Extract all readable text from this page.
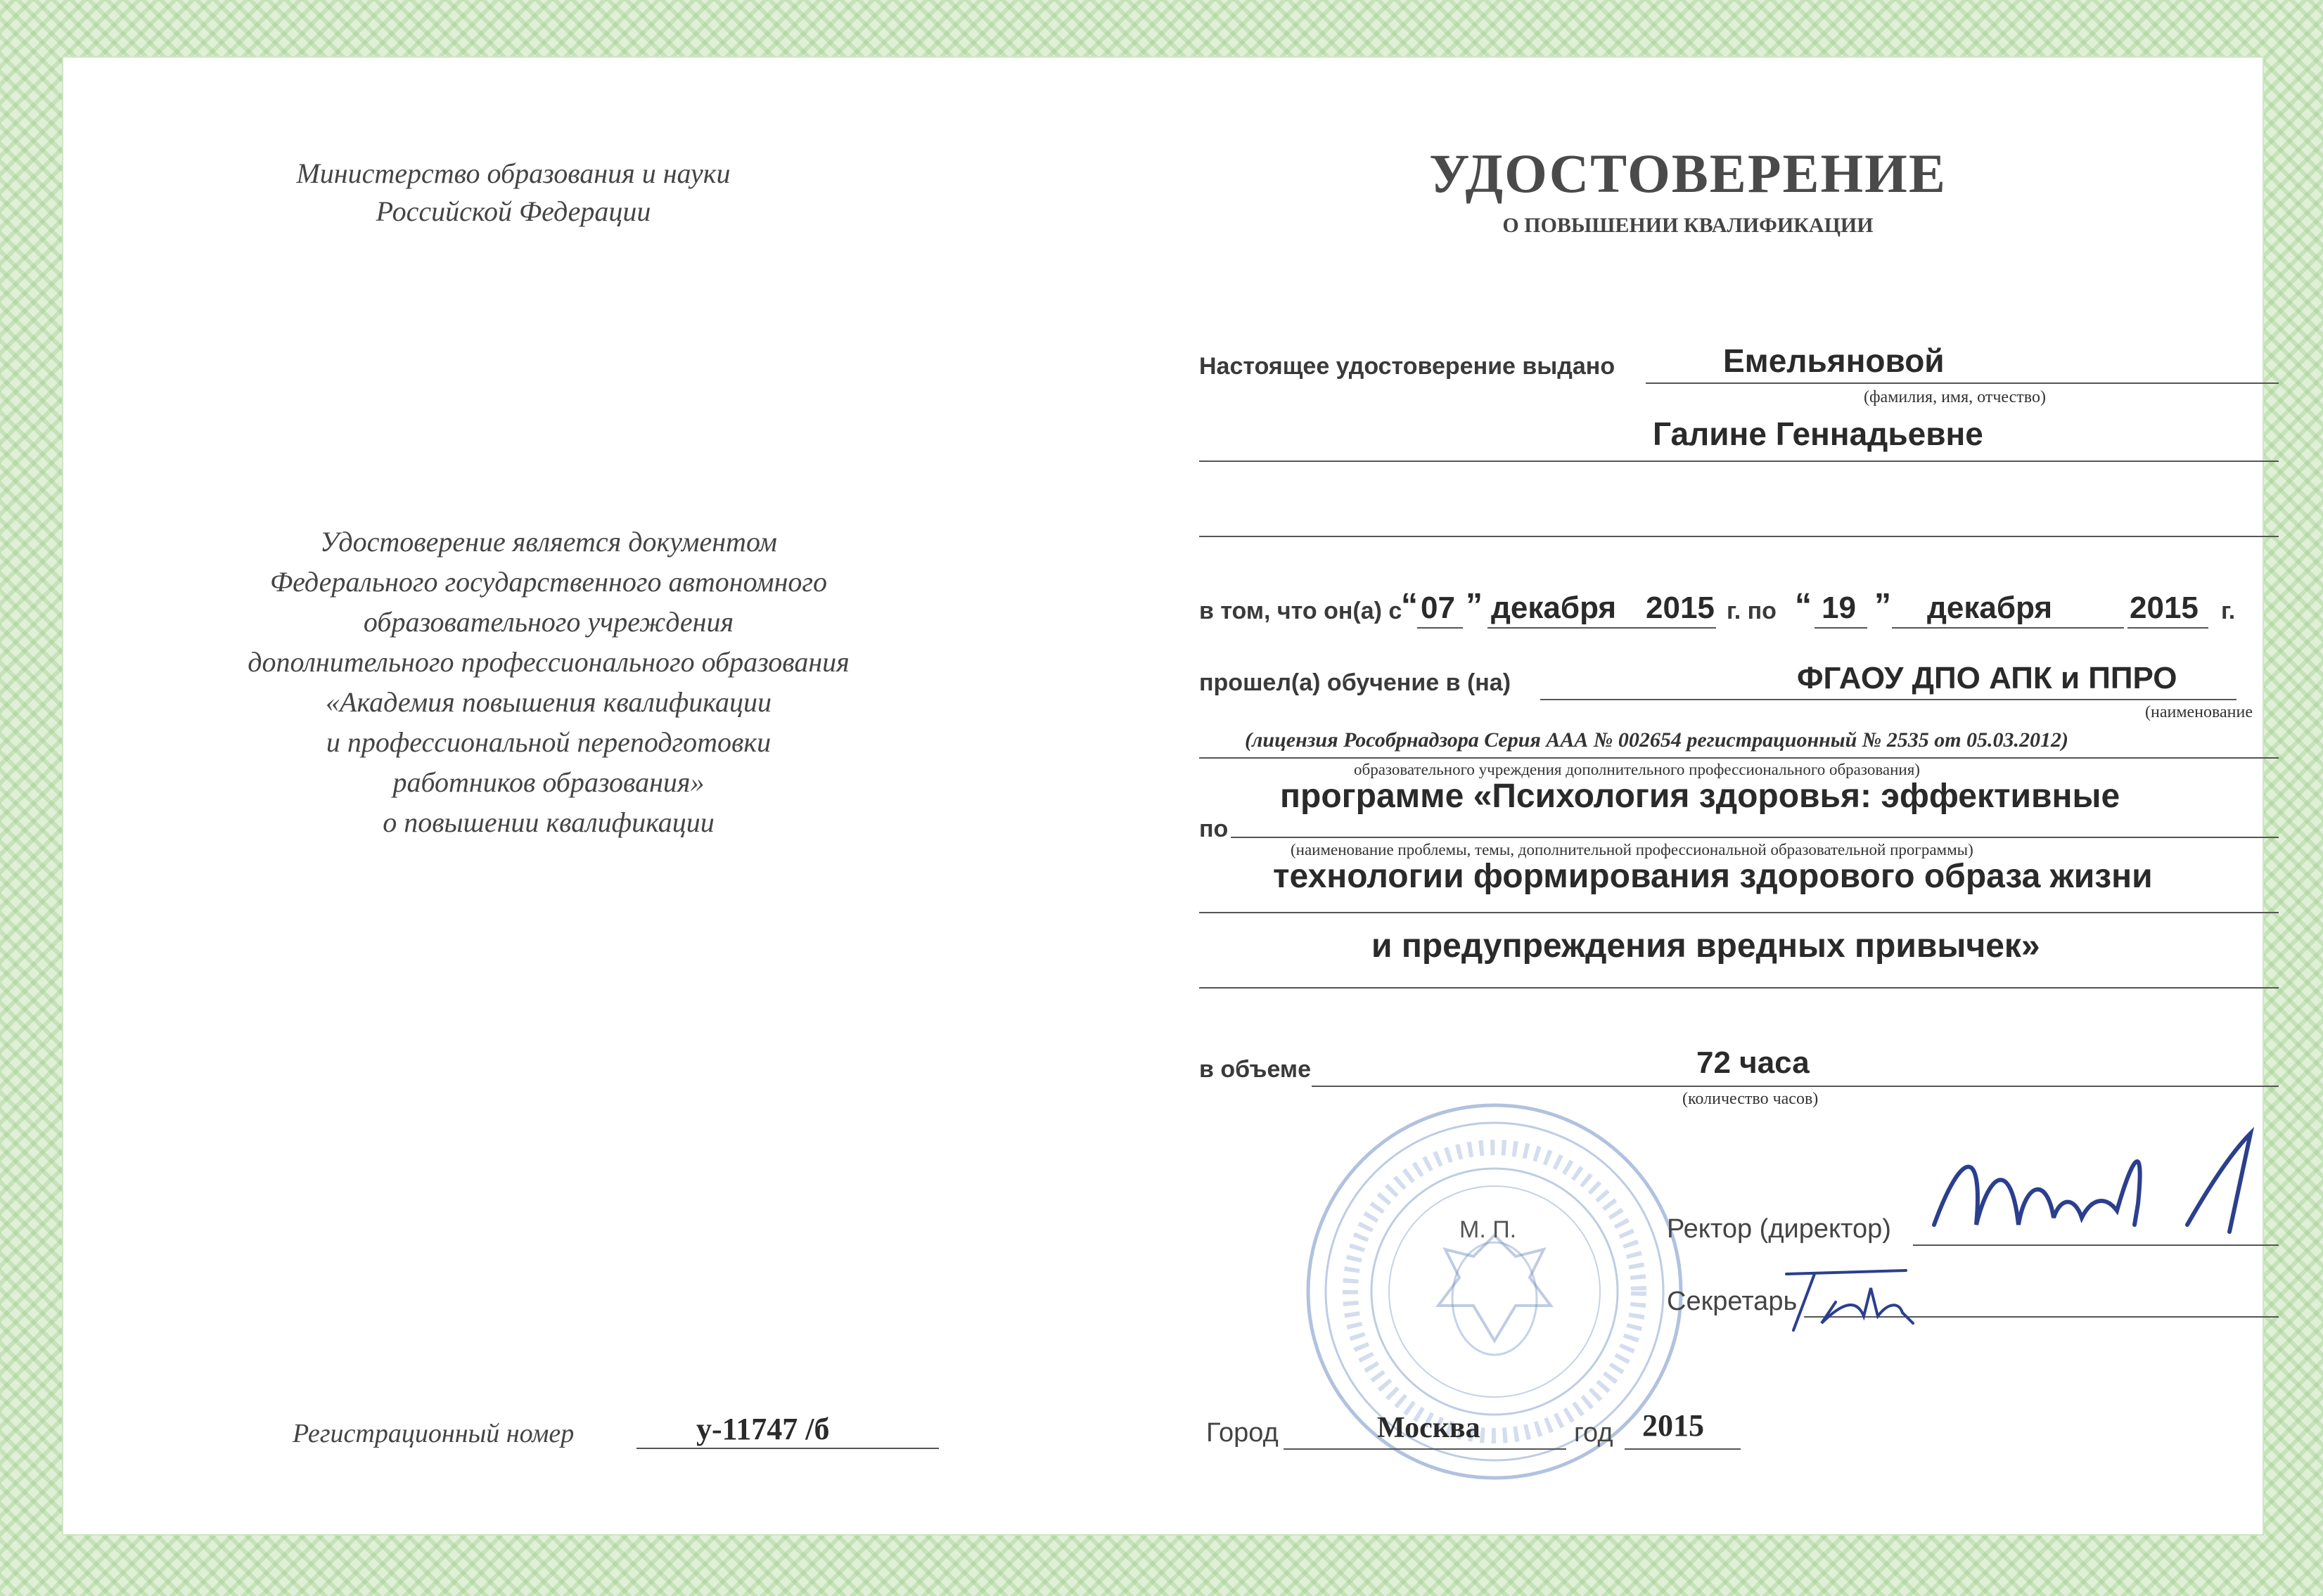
Министерство образования и науки
Российской Федерации
Удостоверение является документом
Федерального государственного автономного
образовательного учреждения
дополнительного профессионального образования
«Академия повышения квалификации
и профессиональной переподготовки
работников образования»
о повышении квалификации
Регистрационный номер	у-11747 /б
УДОСТОВЕРЕНИЕ
О ПОВЫШЕНИИ КВАЛИФИКАЦИИ
Настоящее удостоверение выдано	Емельяновой
(фамилия, имя, отчество)
Галине Геннадьевне
в том, что он(а) с
“ 07 ” декабря 2015 г. по “ 19 ” декабря 2015 г.
прошел(а) обучение в (на)	ФГАОУ ДПО АПК и ППРО
(наименование
(лицензия Рособрнадзора Серия ААА № 002654 регистрационный № 2535 от 05.03.2012)
образовательного учреждения дополнительного профессионального образования)
программе «Психология здоровья: эффективные
по
(наименование проблемы, темы, дополнительной профессиональной образовательной программы)
технологии формирования здорового образа жизни
и предупреждения вредных привычек»
в объеме	72 часа
(количество часов)
М. П.	Ректор (директор)
Секретарь
Город	Москва	год 2015
